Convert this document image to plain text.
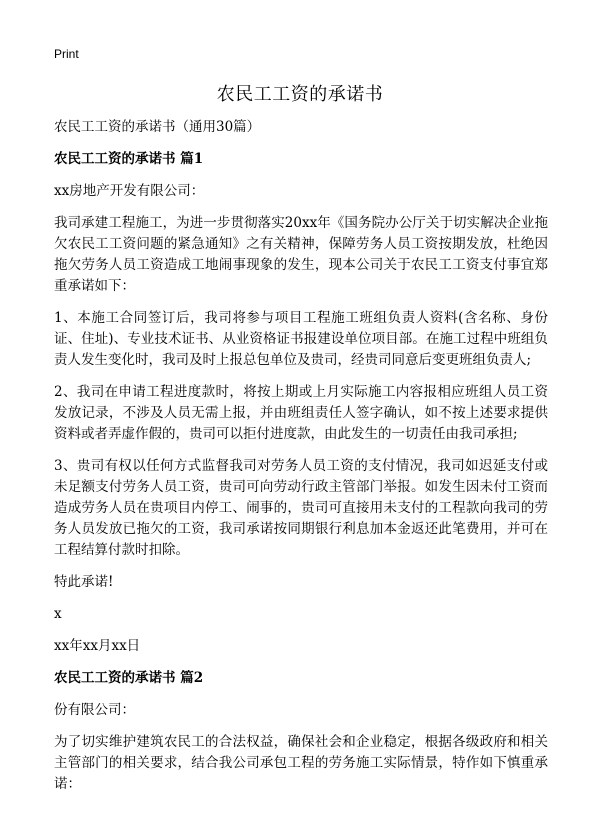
Print
农民工工资的承诺书

农民工工资的承诺书（通用30篇）

农民工工资的承诺书 篇1

xx房地产开发有限公司：

我司承建工程施工，为进一步贯彻落实20xx年《国务院办公厅关于切实解决企业拖欠农民工工资问题的紧急通知》之有关精神，保障劳务人员工资按期发放，杜绝因拖欠劳务人员工资造成工地闹事现象的发生，现本公司关于农民工工资支付事宜郑重承诺如下：

1、本施工合同签订后，我司将参与项目工程施工班组负责人资料(含名称、身份证、住址)、专业技术证书、从业资格证书报建设单位项目部。在施工过程中班组负责人发生变化时，我司及时上报总包单位及贵司，经贵司同意后变更班组负责人;

2、我司在申请工程进度款时，将按上期或上月实际施工内容报相应班组人员工资发放记录，不涉及人员无需上报，并由班组责任人签字确认，如不按上述要求提供资料或者弄虚作假的，贵司可以拒付进度款，由此发生的一切责任由我司承担;

3、贵司有权以任何方式监督我司对劳务人员工资的支付情况，我司如迟延支付或未足额支付劳务人员工资，贵司可向劳动行政主管部门举报。如发生因未付工资而造成劳务人员在贵项目内停工、闹事的，贵司可直接用未支付的工程款向我司的劳务人员发放已拖欠的工资，我司承诺按同期银行利息加本金返还此笔费用，并可在工程结算付款时扣除。

特此承诺!

x

xx年xx月xx日

农民工工资的承诺书 篇2

份有限公司：

为了切实维护建筑农民工的合法权益，确保社会和企业稳定，根据各级政府和相关主管部门的相关要求，结合我公司承包工程的劳务施工实际情景，特作如下慎重承诺：
